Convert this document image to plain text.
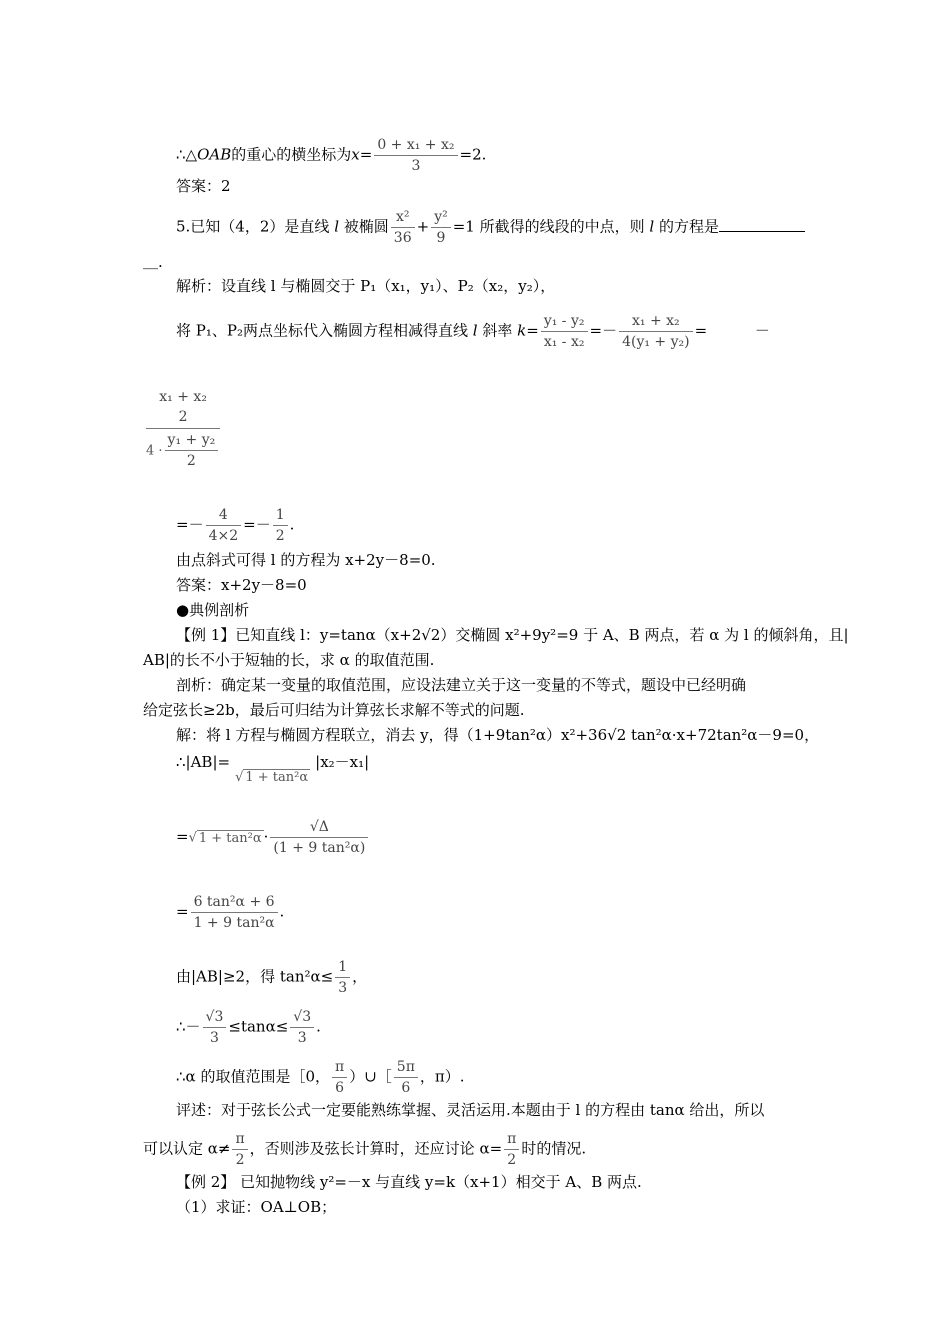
∴△OAB的重心的横坐标为$x= \frac{\text{0 + x₁ + x₂}}{3} =2$.
答案：2
5.已知（4，2）是直线 l 被椭圆 $\frac{\text{x²}}{36} + \frac{\text{y²}}{9} =1$ 所截得的线段的中点，则 l 的方程是
＿.
解析：设直线 l 与椭圆交于 P₁（x₁，y₁）、P₂（x₂，y₂），
将 P₁、P₂两点坐标代入椭圆方程相减得直线 l 斜率 $k= \frac{\text{y₁ - y₂}}{\text{x₁ - x₂}} =- \frac{\text{x₁ + x₂}}{\text{4(y₁ + y₂)}}$ =          －
x₁ + x₂
2
$4 \cdot \frac{\text{y₁ + y₂}}{2}$
=－ $\frac{4}{4\times 2} =- \frac{1}{2}$ .
由点斜式可得 l 的方程为 x+2y－8=0.
答案：x+2y－8=0
●典例剖析
【例 1】已知直线 l：y=tanα（x+2√2）交椭圆 x²+9y²=9 于 A、B 两点，若 α 为 l 的倾斜角，且|
AB|的长不小于短轴的长，求 α 的取值范围.
剖析：确定某一变量的取值范围，应设法建立关于这一变量的不等式，题设中已经明确
给定弦长≥2b，最后可归结为计算弦长求解不等式的问题.
解：将 l 方程与椭圆方程联立，消去 y，得（1+9tan²α）x²+36√2 tan²α·x+72tan²α－9=0，
∴|AB|=
√ 1 + tan²α
|x₂－x₁|
=√ $1 + \tan^2\alpha \cdot \frac{√\Delta}{\text{(1 + 9 tan²α)}}$
= $\frac{\text{6 tan²α + 6}}{\text{1 + 9 tan²α}}$ .
由|AB|≥2，得 $\tan^2\alpha\le \frac{1}{3}$ ，
∴－ $\frac{√3}{3} \le\tan\alpha\le \frac{√3}{3}$ .
∴α 的取值范围是［0， $\frac{\pi}{6}$ ）∪［ $\frac{5\pi}{6}$ ，π）.
评述：对于弦长公式一定要能熟练掌握、灵活运用.本题由于 l 的方程由 tanα 给出，所以
可以认定 $\alpha\ne \frac{\pi}{2}$ ，否则涉及弦长计算时，还应讨论 $\alpha= \frac{\pi}{2}$ 时的情况.
【例 2】 已知抛物线 y²=－x 与直线 y=k（x+1）相交于 A、B 两点.
（1）求证：OA⊥OB；
